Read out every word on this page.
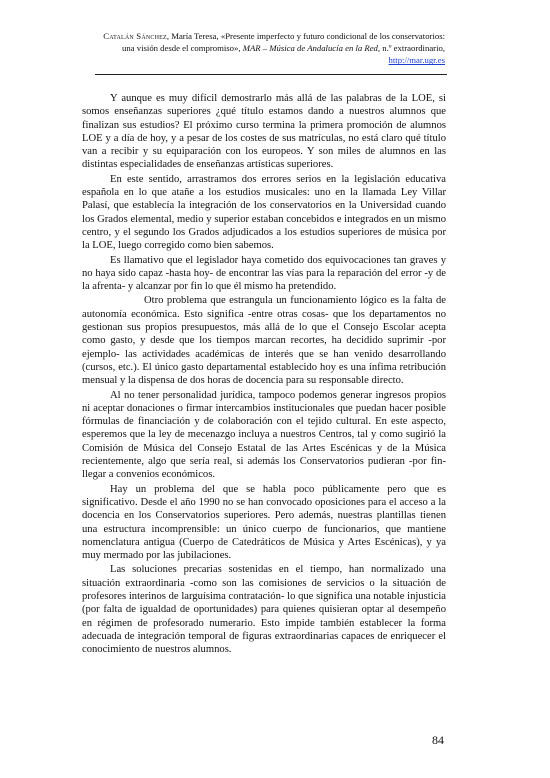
Catalán Sánchez, María Teresa, «Presente imperfecto y futuro condicional de los conservatorios: una visión desde el compromiso», MAR – Música de Andalucía en la Red, n.º extraordinario, http://mar.ugr.es

Y aunque es muy difícil demostrarlo más allá de las palabras de la LOE, si somos enseñanzas superiores ¿qué título estamos dando a nuestros alumnos que finalizan sus estudios? El próximo curso termina la primera promoción de alumnos LOE y a día de hoy, y a pesar de los costes de sus matrículas, no está claro qué título van a recibir y su equiparación con los europeos. Y son miles de alumnos en las distintas especialidades de enseñanzas artísticas superiores.

En este sentido, arrastramos dos errores serios en la legislación educativa española en lo que atañe a los estudios musicales: uno en la llamada Ley Villar Palasí, que establecía la integración de los conservatorios en la Universidad cuando los Grados elemental, medio y superior estaban concebidos e integrados en un mismo centro, y el segundo los Grados adjudicados a los estudios superiores de música por la LOE, luego corregido como bien sabemos.

Es llamativo que el legislador haya cometido dos equivocaciones tan graves y no haya sido capaz -hasta hoy- de encontrar las vías para la reparación del error -y de la afrenta- y alcanzar por fin lo que él mismo ha pretendido.

Otro problema que estrangula un funcionamiento lógico es la falta de autonomía económica. Esto significa -entre otras cosas- que los departamentos no gestionan sus propios presupuestos, más allá de lo que el Consejo Escolar acepta como gasto, y desde que los tiempos marcan recortes, ha decidido suprimir -por ejemplo- las actividades académicas de interés que se han venido desarrollando (cursos, etc.). El único gasto departamental establecido hoy es una ínfima retribución mensual y la dispensa de dos horas de docencia para su responsable directo.

Al no tener personalidad jurídica, tampoco podemos generar ingresos propios ni aceptar donaciones o firmar intercambios institucionales que puedan hacer posible fórmulas de financiación y de colaboración con el tejido cultural. En este aspecto, esperemos que la ley de mecenazgo incluya a nuestros Centros, tal y como sugirió la Comisión de Música del Consejo Estatal de las Artes Escénicas y de la Música recientemente, algo que sería real, si además los Conservatorios pudieran -por fin- llegar a convenios económicos.

Hay un problema del que se habla poco públicamente pero que es significativo. Desde el año 1990 no se han convocado oposiciones para el acceso a la docencia en los Conservatorios superiores. Pero además, nuestras plantillas tienen una estructura incomprensible: un único cuerpo de funcionarios, que mantiene nomenclatura antigua (Cuerpo de Catedráticos de Música y Artes Escénicas), y ya muy mermado por las jubilaciones.

Las soluciones precarias sostenidas en el tiempo, han normalizado una situación extraordinaria -como son las comisiones de servicios o la situación de profesores interinos de larguísima contratación- lo que significa una notable injusticia (por falta de igualdad de oportunidades) para quienes quisieran optar al desempeño en régimen de profesorado numerario. Esto impide también establecer la forma adecuada de integración temporal de figuras extraordinarias capaces de enriquecer el conocimiento de nuestros alumnos.

84
